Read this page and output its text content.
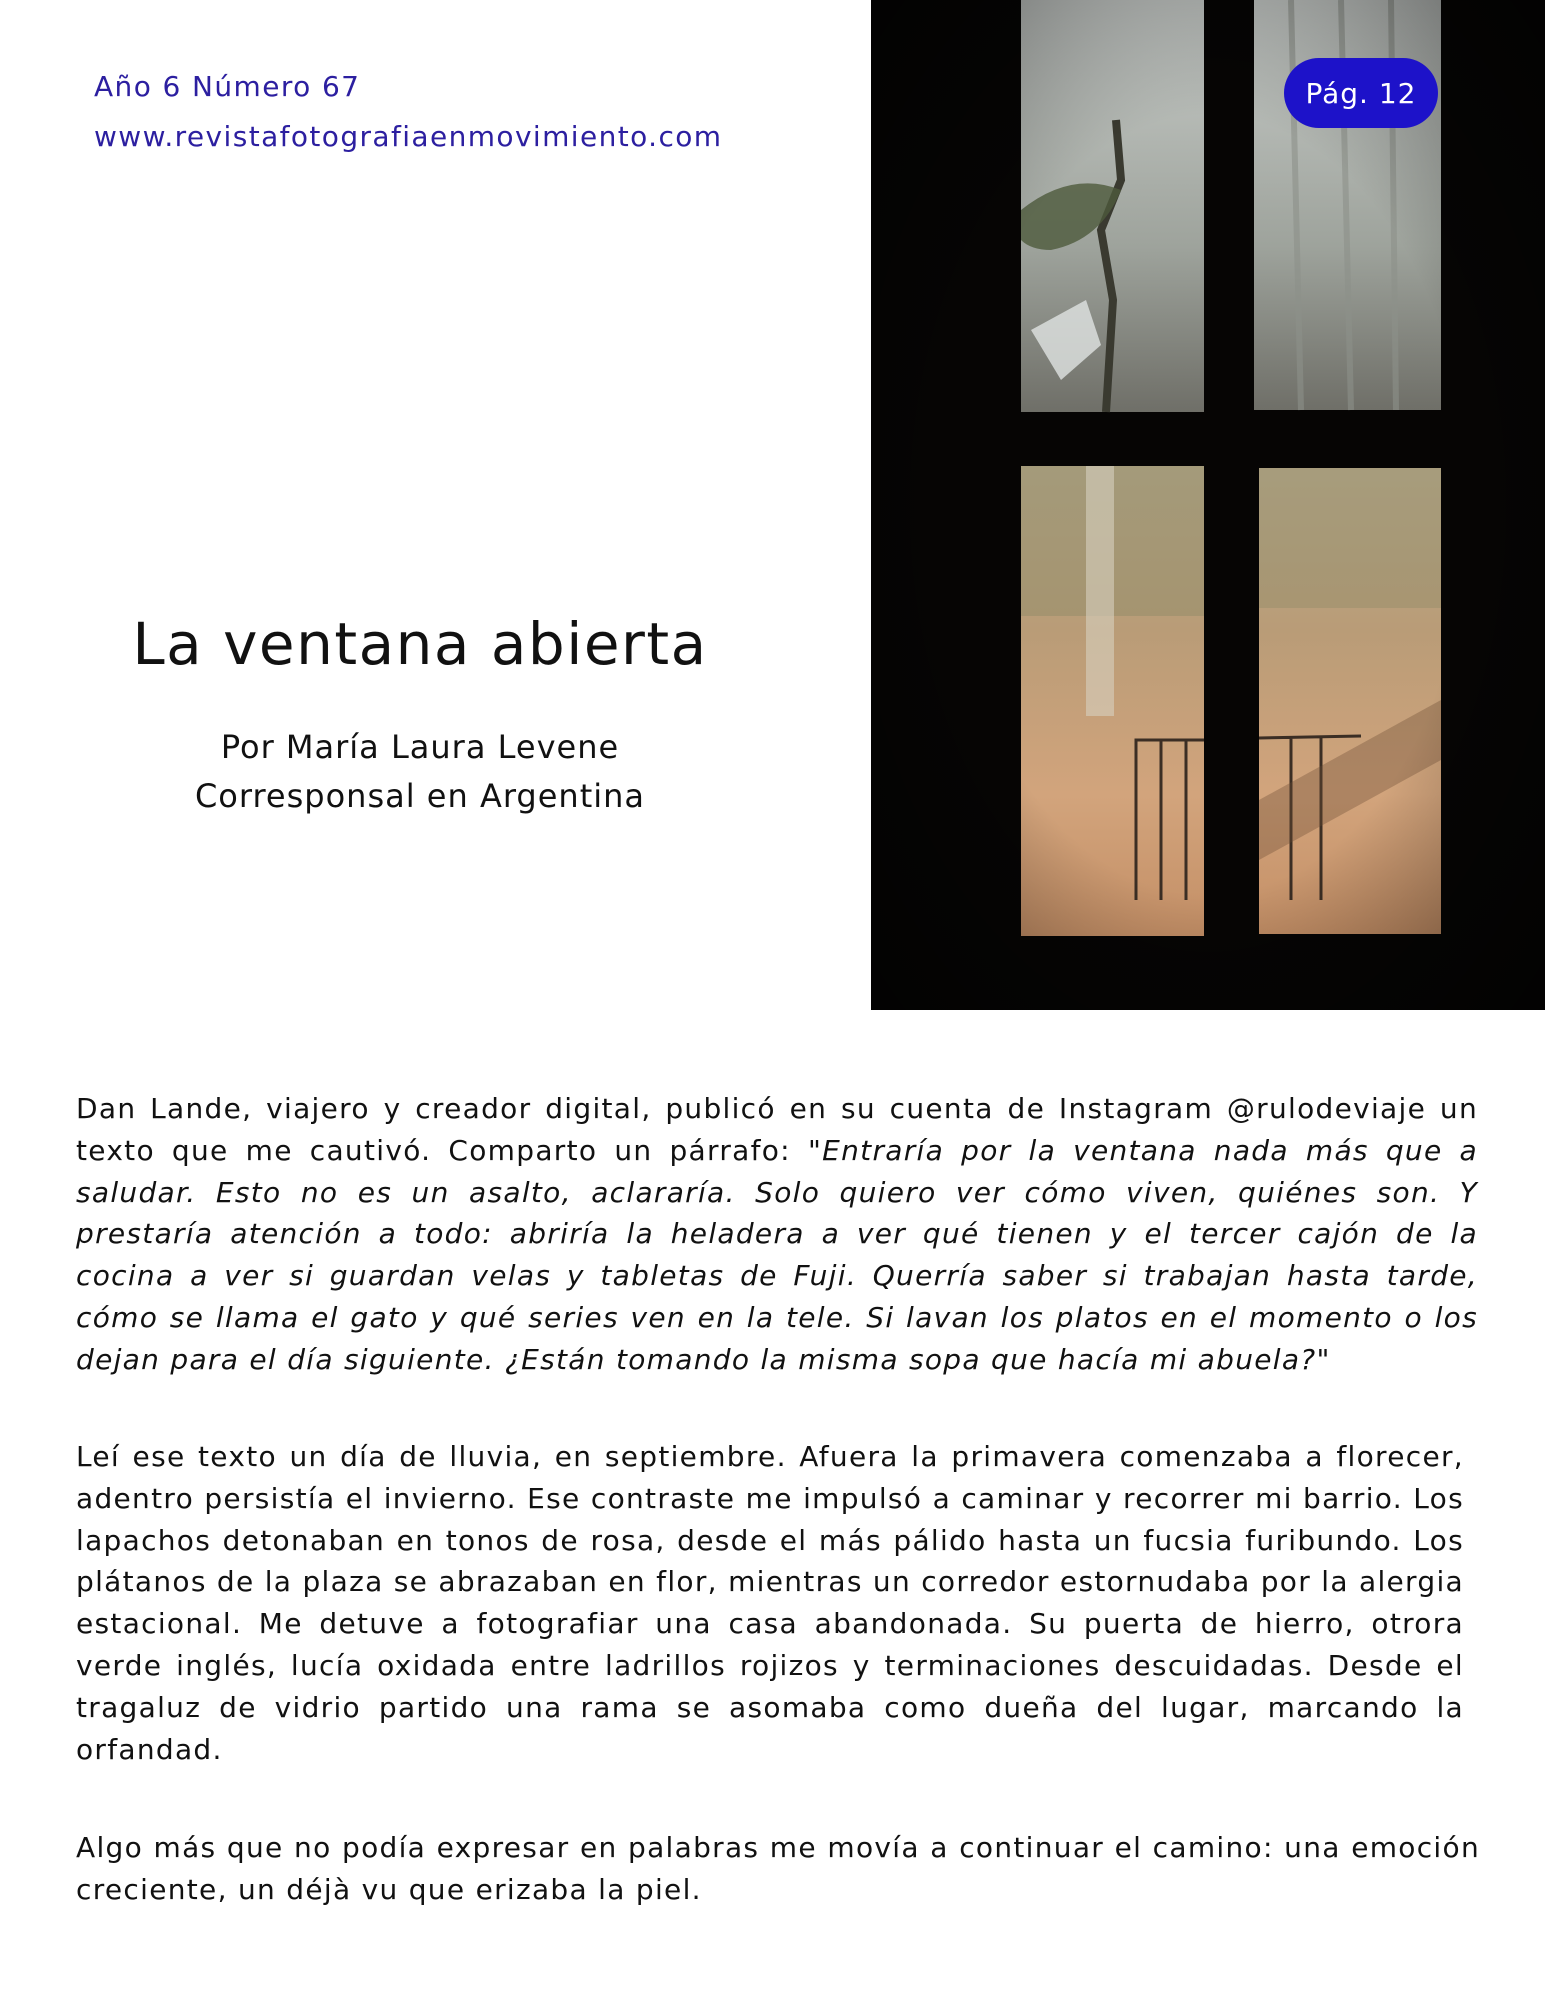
Año 6 Número 67
www.revistafotografiaenmovimiento.com
Pág. 12
La ventana abierta
Por María Laura Levene
Corresponsal en Argentina

Dan Lande, viajero y creador digital, publicó en su cuenta de Instagram @rulodeviaje un texto que me cautivó. Comparto un párrafo: "Entraría por la ventana nada más que a saludar. Esto no es un asalto, aclararía. Solo quiero ver cómo viven, quiénes son. Y prestaría atención a todo: abriría la heladera a ver qué tienen y el tercer cajón de la cocina a ver si guardan velas y tabletas de Fuji. Querría saber si trabajan hasta tarde, cómo se llama el gato y qué series ven en la tele. Si lavan los platos en el momento o los dejan para el día siguiente. ¿Están tomando la misma sopa que hacía mi abuela?"

Leí ese texto un día de lluvia, en septiembre. Afuera la primavera comenzaba a florecer, adentro persistía el invierno. Ese contraste me impulsó a caminar y recorrer mi barrio. Los lapachos detonaban en tonos de rosa, desde el más pálido hasta un fucsia furibundo. Los plátanos de la plaza se abrazaban en flor, mientras un corredor estornudaba por la alergia estacional. Me detuve a fotografiar una casa abandonada. Su puerta de hierro, otrora verde inglés, lucía oxidada entre ladrillos rojizos y terminaciones descuidadas. Desde el tragaluz de vidrio partido una rama se asomaba como dueña del lugar, marcando la orfandad.

Algo más que no podía expresar en palabras me movía a continuar el camino: una emoción creciente, un déjà vu que erizaba la piel.
